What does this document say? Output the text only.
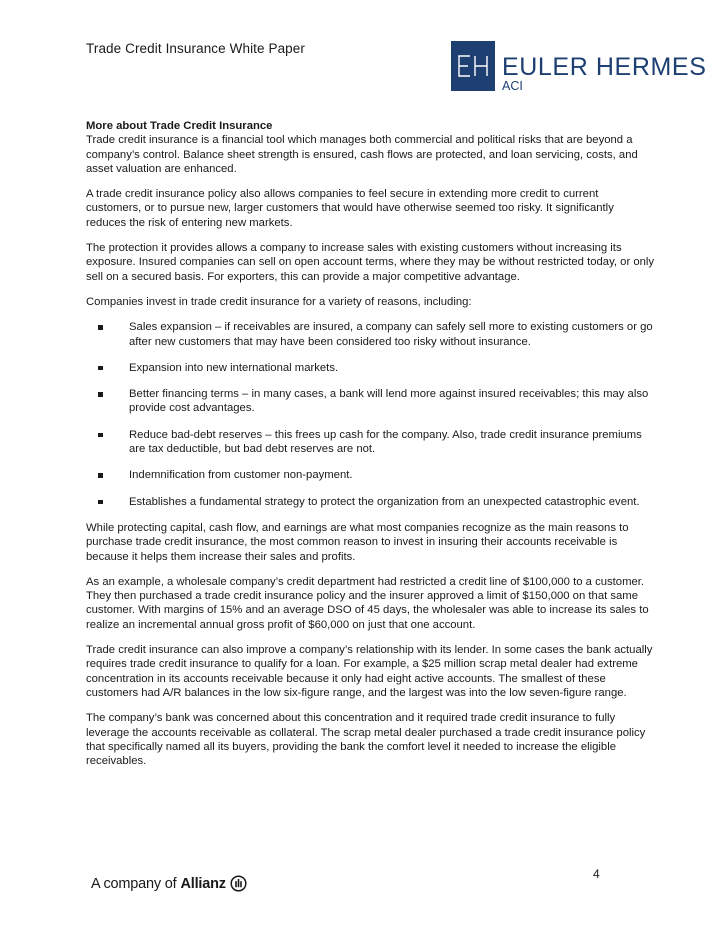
Trade Credit Insurance White Paper
EULER HERMES
ACI

More about Trade Credit Insurance
Trade credit insurance is a financial tool which manages both commercial and political risks that are beyond a company’s control. Balance sheet strength is ensured, cash flows are protected, and loan servicing, costs, and asset valuation are enhanced.

A trade credit insurance policy also allows companies to feel secure in extending more credit to current customers, or to pursue new, larger customers that would have otherwise seemed too risky. It significantly reduces the risk of entering new markets.

The protection it provides allows a company to increase sales with existing customers without increasing its exposure. Insured companies can sell on open account terms, where they may be without restricted today, or only sell on a secured basis. For exporters, this can provide a major competitive advantage.

Companies invest in trade credit insurance for a variety of reasons, including:

Sales expansion – if receivables are insured, a company can safely sell more to existing customers or go after new customers that may have been considered too risky without insurance.
Expansion into new international markets.
Better financing terms – in many cases, a bank will lend more against insured receivables; this may also provide cost advantages.
Reduce bad-debt reserves – this frees up cash for the company. Also, trade credit insurance premiums are tax deductible, but bad debt reserves are not.
Indemnification from customer non-payment.
Establishes a fundamental strategy to protect the organization from an unexpected catastrophic event.

While protecting capital, cash flow, and earnings are what most companies recognize as the main reasons to purchase trade credit insurance, the most common reason to invest in insuring their accounts receivable is because it helps them increase their sales and profits.

As an example, a wholesale company’s credit department had restricted a credit line of $100,000 to a customer. They then purchased a trade credit insurance policy and the insurer approved a limit of $150,000 on that same customer. With margins of 15% and an average DSO of 45 days, the wholesaler was able to increase its sales to realize an incremental annual gross profit of $60,000 on just that one account.

Trade credit insurance can also improve a company’s relationship with its lender. In some cases the bank actually requires trade credit insurance to qualify for a loan. For example, a $25 million scrap metal dealer had extreme concentration in its accounts receivable because it only had eight active accounts. The smallest of these customers had A/R balances in the low six-figure range, and the largest was into the low seven-figure range.

The company’s bank was concerned about this concentration and it required trade credit insurance to fully leverage the accounts receivable as collateral. The scrap metal dealer purchased a trade credit insurance policy that specifically named all its buyers, providing the bank the comfort level it needed to increase the eligible receivables.

4
A company of Allianz
